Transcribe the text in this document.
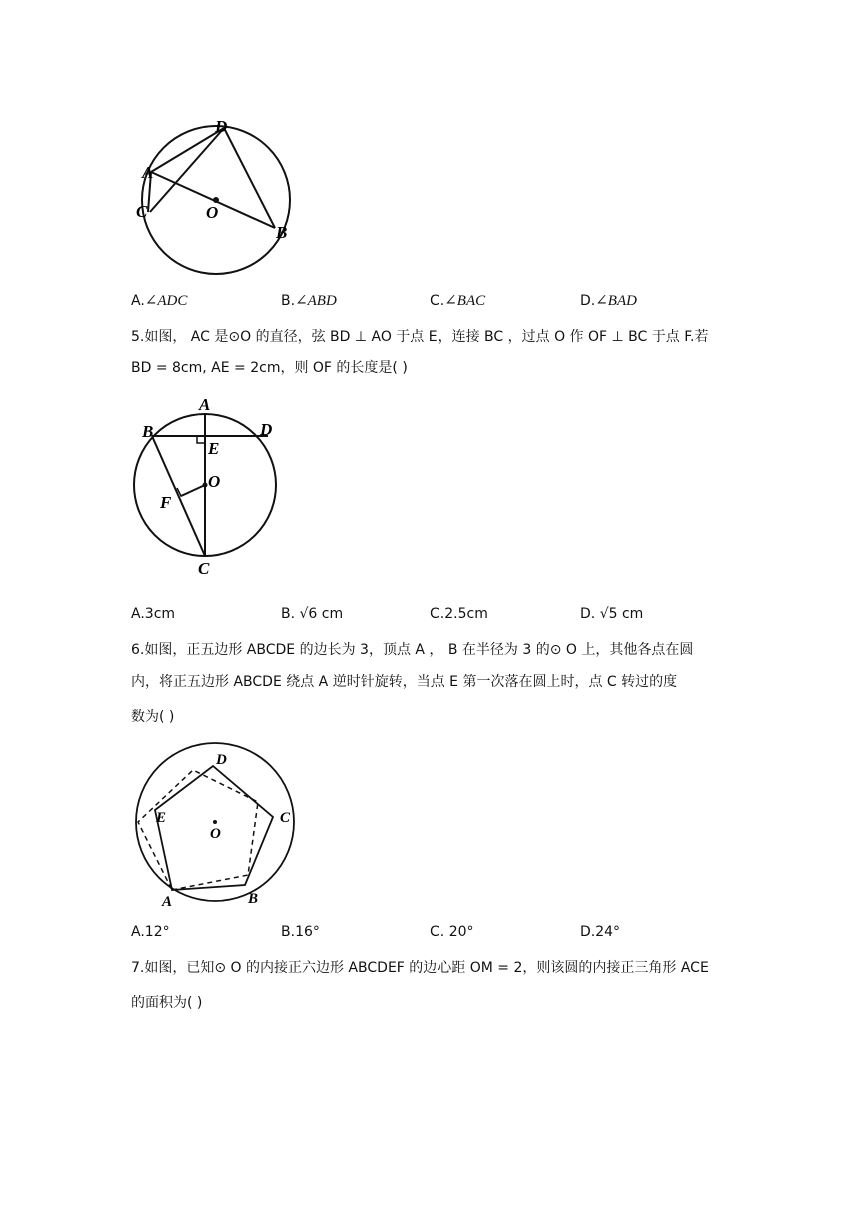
D
A
C	O
B
A.∠ADC	B.∠ABD	C.∠BAC	D.∠BAD
5.如图， AC 是⊙O 的直径，弦 BD ⊥ AO 于点 E，连接 BC ，过点 O 作 OF ⊥ BC 于点 F.若
BD = 8cm, AE = 2cm，则 OF 的长度是( )
A
B	D
E
O
F
C
A.3cm	B. √6 cm	C.2.5cm	D. √5 cm
6.如图，正五边形 ABCDE 的边长为 3，顶点 A ， B 在半径为 3 的⊙ O 上，其他各点在圆
内，将正五边形 ABCDE 绕点 A 逆时针旋转，当点 E 第一次落在圆上时，点 C 转过的度
数为( )
D
E	C
O
A	B
A.12°	B.16°	C. 20°	D.24°
7.如图，已知⊙ O 的内接正六边形 ABCDEF 的边心距 OM = 2，则该圆的内接正三角形 ACE
的面积为( )
